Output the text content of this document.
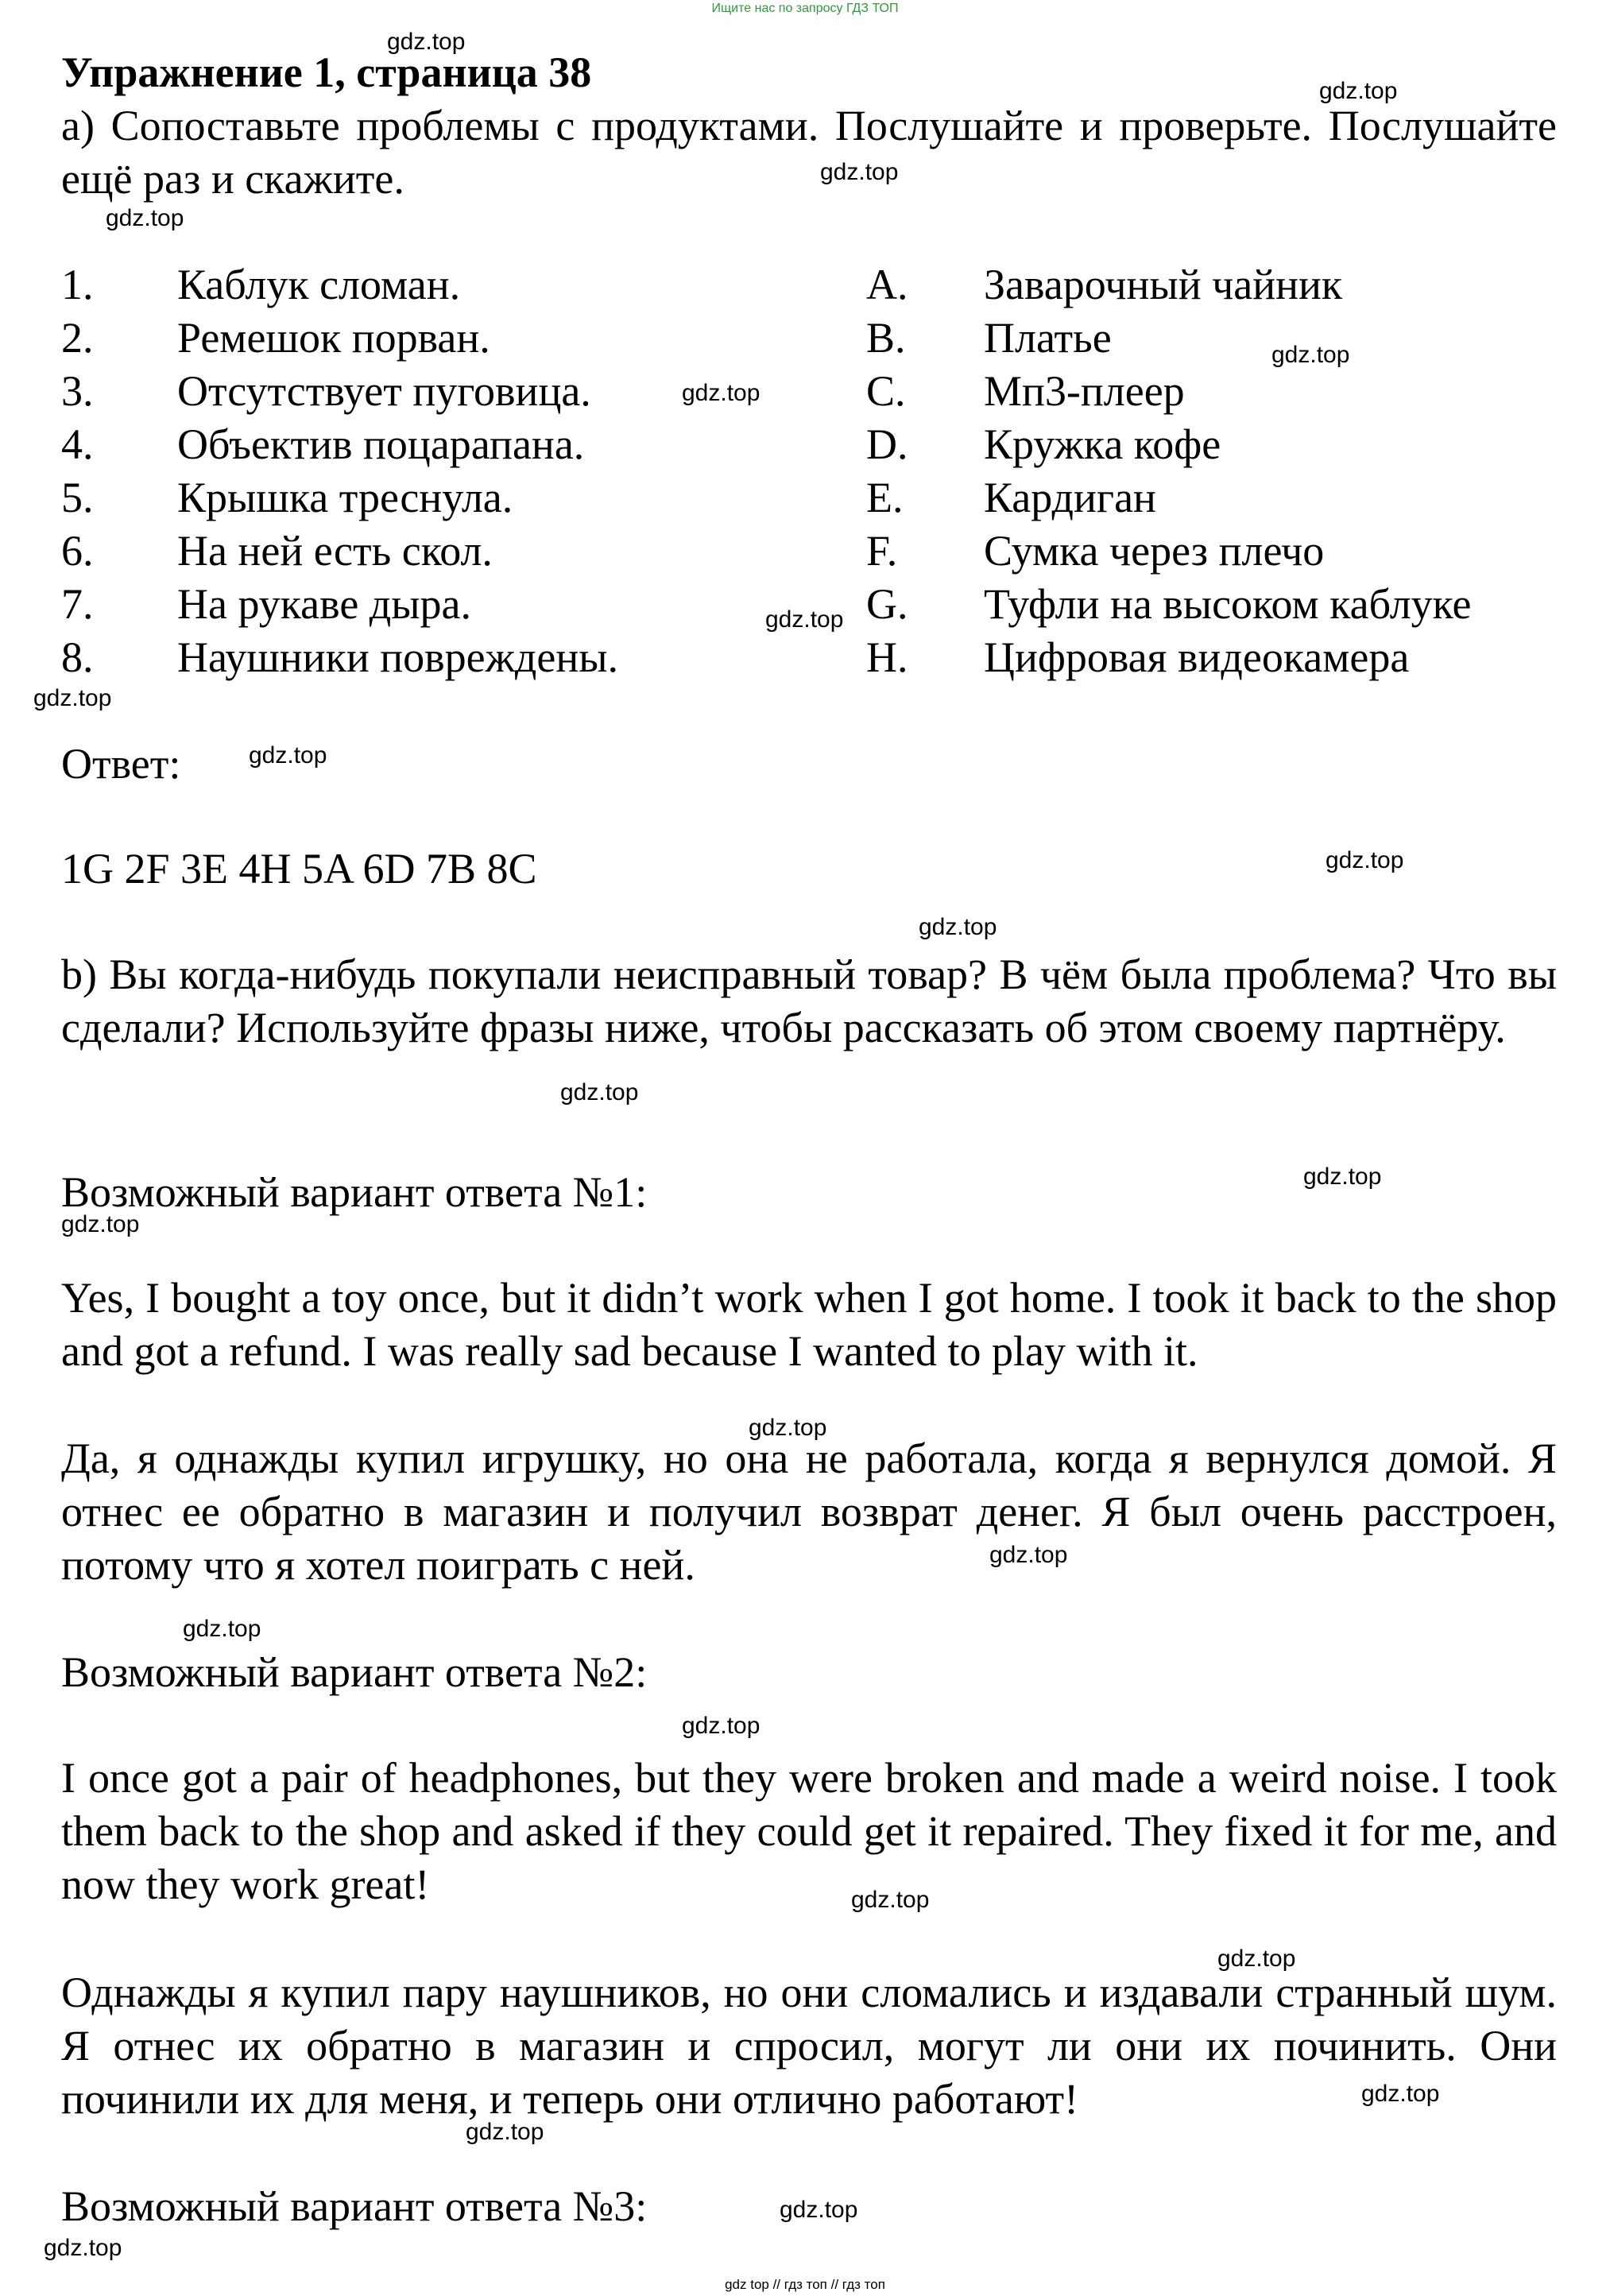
Ищите нас по запросу ГДЗ ТОП

Упражнение 1, страница 38

a) Сопоставьте проблемы с продуктами. Послушайте и проверьте. Послушайте ещё раз и скажите.

1. Каблук сломан.
2. Ремешок порван.
3. Отсутствует пуговица.
4. Объектив поцарапана.
5. Крышка треснула.
6. На ней есть скол.
7. На рукаве дыра.
8. Наушники повреждены.
A. Заварочный чайник
B. Платье
C. Мп3-плеер
D. Кружка кофе
E. Кардиган
F. Сумка через плечо
G. Туфли на высоком каблуке
H. Цифровая видеокамера
Ответ:
1G 2F 3E 4H 5A 6D 7B 8C

b) Вы когда-нибудь покупали неисправный товар? В чём была проблема? Что вы сделали? Используйте фразы ниже, чтобы рассказать об этом своему партнёру.

Возможный вариант ответа №1:

Yes, I bought a toy once, but it didn’t work when I got home. I took it back to the shop and got a refund. I was really sad because I wanted to play with it.

Да, я однажды купил игрушку, но она не работала, когда я вернулся домой. Я отнес ее обратно в магазин и получил возврат денег. Я был очень расстроен, потому что я хотел поиграть с ней.

Возможный вариант ответа №2:

I once got a pair of headphones, but they were broken and made a weird noise. I took them back to the shop and asked if they could get it repaired. They fixed it for me, and now they work great!

Однажды я купил пару наушников, но они сломались и издавали странный шум. Я отнес их обратно в магазин и спросил, могут ли они их починить. Они починили их для меня, и теперь они отлично работают!

Возможный вариант ответа №3:
gdz.top
gdz.top
gdz.top
gdz.top
gdz.top
gdz.top
gdz.top
gdz.top
gdz.top
gdz.top
gdz.top
gdz.top
gdz.top
gdz.top
gdz.top
gdz.top
gdz.top
gdz.top
gdz.top
gdz.top
gdz.top
gdz.top
gdz.top
gdz.top
gdz top // гдз топ // гдз топ
